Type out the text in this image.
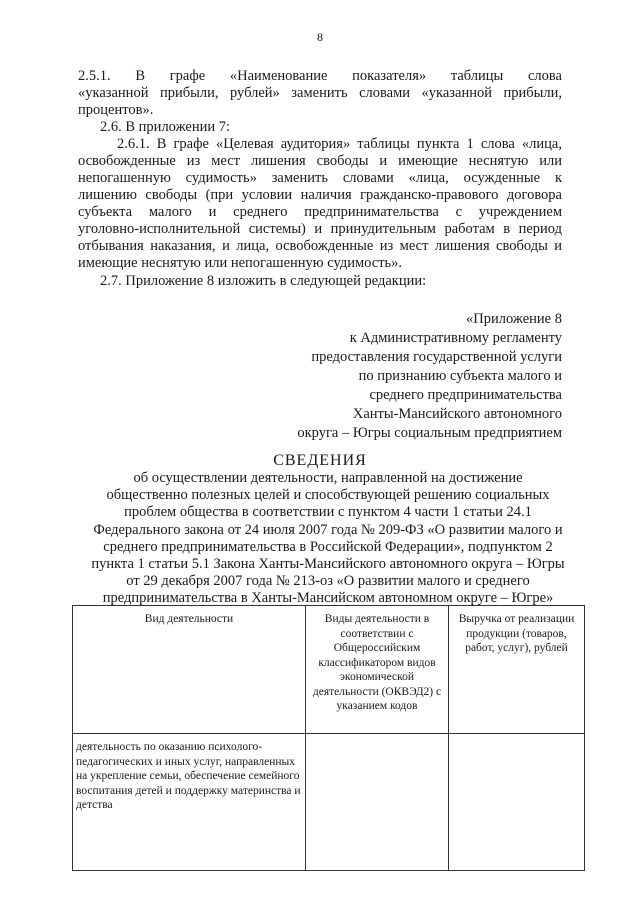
8
2.5.1. В графе «Наименование показателя» таблицы слова
«указанной прибыли, рублей» заменить словами «указанной прибыли,
процентов».
2.6. В приложении 7:
2.6.1. В графе «Целевая аудитория» таблицы пункта 1 слова «лица,
освобожденные из мест лишения свободы и имеющие неснятую или
непогашенную судимость» заменить словами «лица, осужденные к
лишению свободы (при условии наличия гражданско-правового договора
субъекта малого и среднего предпринимательства с учреждением
уголовно-исполнительной системы) и принудительным работам в период
отбывания наказания, и лица, освобожденные из мест лишения свободы и
имеющие неснятую или непогашенную судимость».
2.7. Приложение 8 изложить в следующей редакции:
«Приложение 8
к Административному регламенту
предоставления государственной услуги
по признанию субъекта малого и
среднего предпринимательства
Ханты-Мансийского автономного
округа – Югры социальным предприятием
СВЕДЕНИЯ
об осуществлении деятельности, направленной на достижение
общественно полезных целей и способствующей решению социальных
проблем общества в соответствии с пунктом 4 части 1 статьи 24.1
Федерального закона от 24 июля 2007 года № 209-ФЗ «О развитии малого и
среднего предпринимательства в Российской Федерации», подпунктом 2
пункта 1 статьи 5.1 Закона Ханты-Мансийского автономного округа – Югры
от 29 декабря 2007 года № 213-оз «О развитии малого и среднего
предпринимательства в Ханты-Мансийском автономном округе – Югре»
Вид деятельности	Виды деятельности в соответствии с Общероссийским классификатором видов экономической деятельности (ОКВЭД2) с указанием кодов	Выручка от реализации продукции (товаров, работ, услуг), рублей
деятельность по оказанию психолого-педагогических и иных услуг, направленных на укрепление семьи, обеспечение семейного воспитания детей и поддержку материнства и детства		
